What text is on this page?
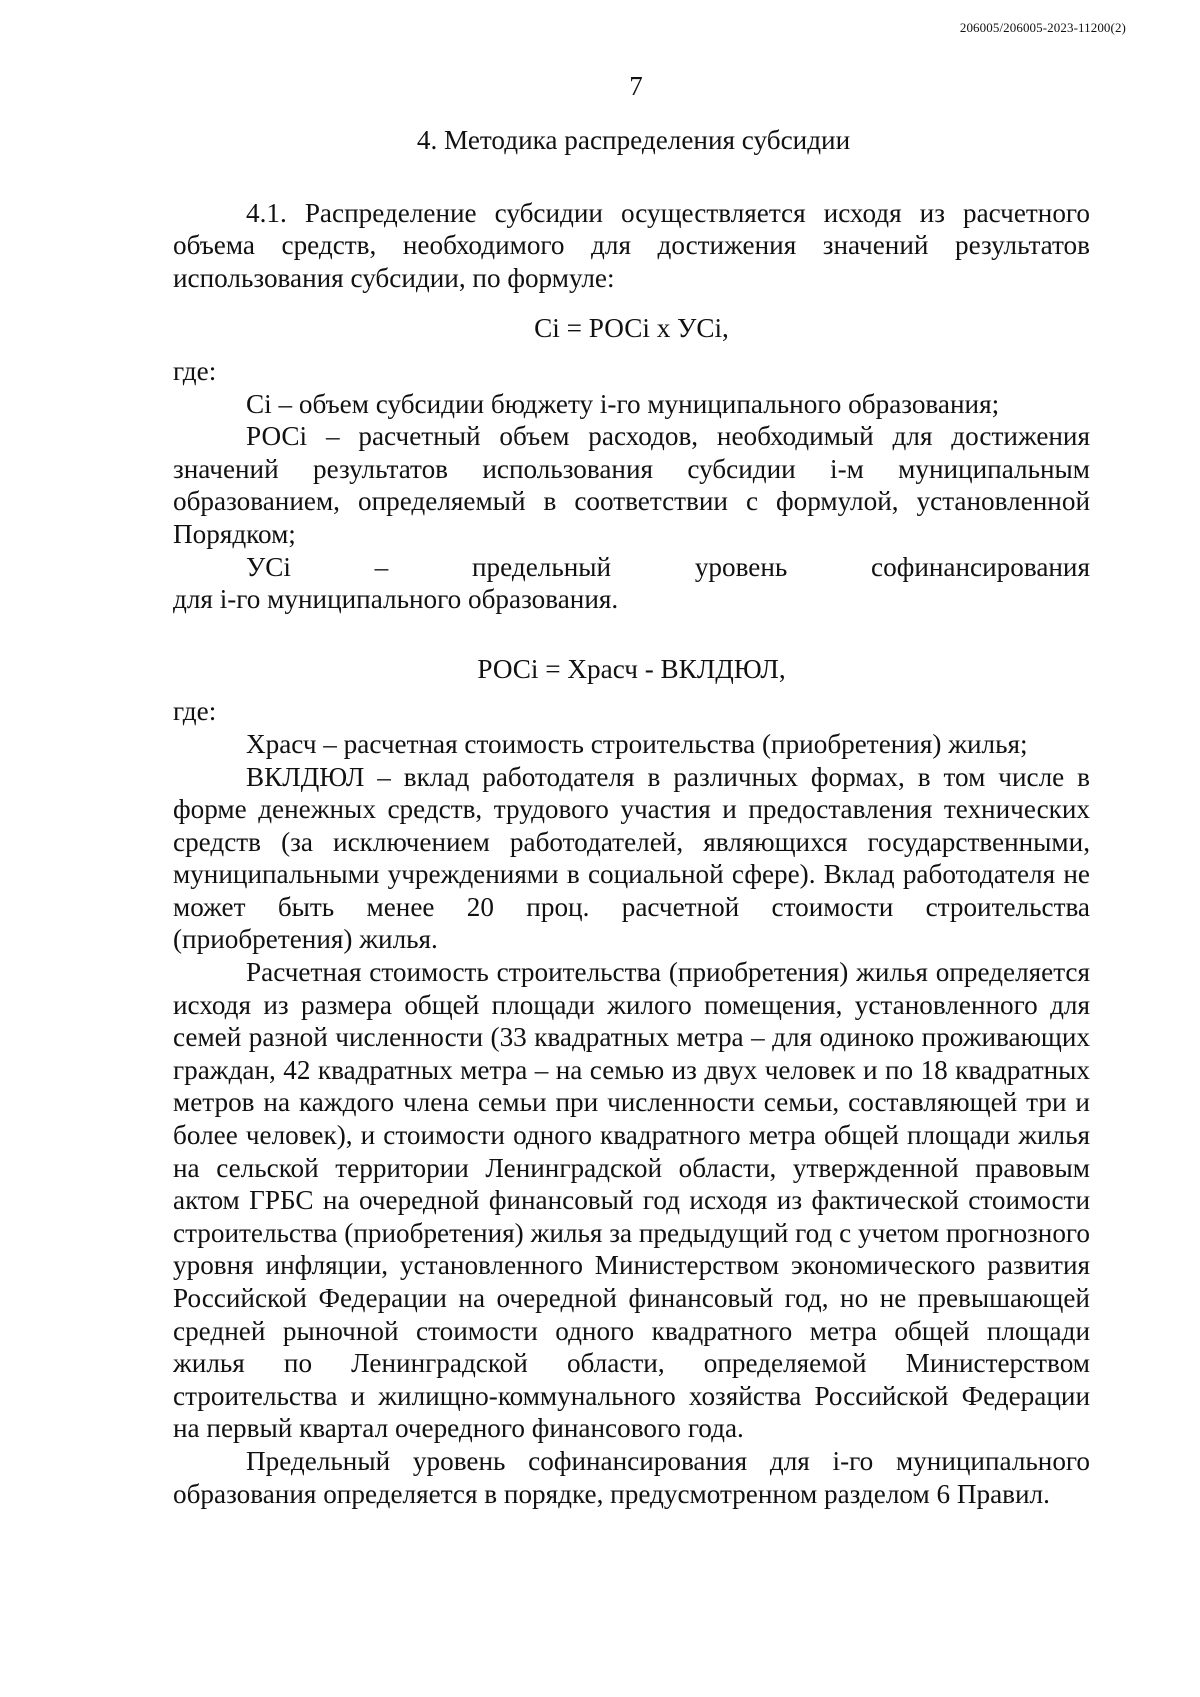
206005/206005-2023-11200(2)
7
4. Методика распределения субсидии

4.1. Распределение субсидии осуществляется исходя из расчетного объема средств, необходимого для достижения значений результатов использования субсидии, по формуле:

Ci = РОСi x УСi,

где:

Ci – объем субсидии бюджету i-го муниципального образования;

РОСi – расчетный объем расходов, необходимый для достижения значений результатов использования субсидии i-м муниципальным образованием, определяемый в соответствии с формулой, установленной Порядком;

УСi – предельный уровень софинансирования

для i-го муниципального образования.

РОСi = Храсч - ВКЛДЮЛ,

где:

Храсч – расчетная стоимость строительства (приобретения) жилья;

ВКЛДЮЛ – вклад работодателя в различных формах, в том числе в форме денежных средств, трудового участия и предоставления технических средств (за исключением работодателей, являющихся государственными, муниципальными учреждениями в социальной сфере). Вклад работодателя не может быть менее 20 проц. расчетной стоимости строительства (приобретения) жилья.

Расчетная стоимость строительства (приобретения) жилья определяется исходя из размера общей площади жилого помещения, установленного для семей разной численности (33 квадратных метра – для одиноко проживающих граждан, 42 квадратных метра – на семью из двух человек и по 18 квадратных метров на каждого члена семьи при численности семьи, составляющей три и более человек), и стоимости одного квадратного метра общей площади жилья на сельской территории Ленинградской области, утвержденной правовым актом ГРБС на очередной финансовый год исходя из фактической стоимости строительства (приобретения) жилья за предыдущий год с учетом прогнозного уровня инфляции, установленного Министерством экономического развития Российской Федерации на очередной финансовый год, но не превышающей средней рыночной стоимости одного квадратного метра общей площади жилья по Ленинградской области, определяемой Министерством строительства и жилищно-коммунального хозяйства Российской Федерации на первый квартал очередного финансового года.

Предельный уровень софинансирования для i-го муниципального образования определяется в порядке, предусмотренном разделом 6 Правил.
